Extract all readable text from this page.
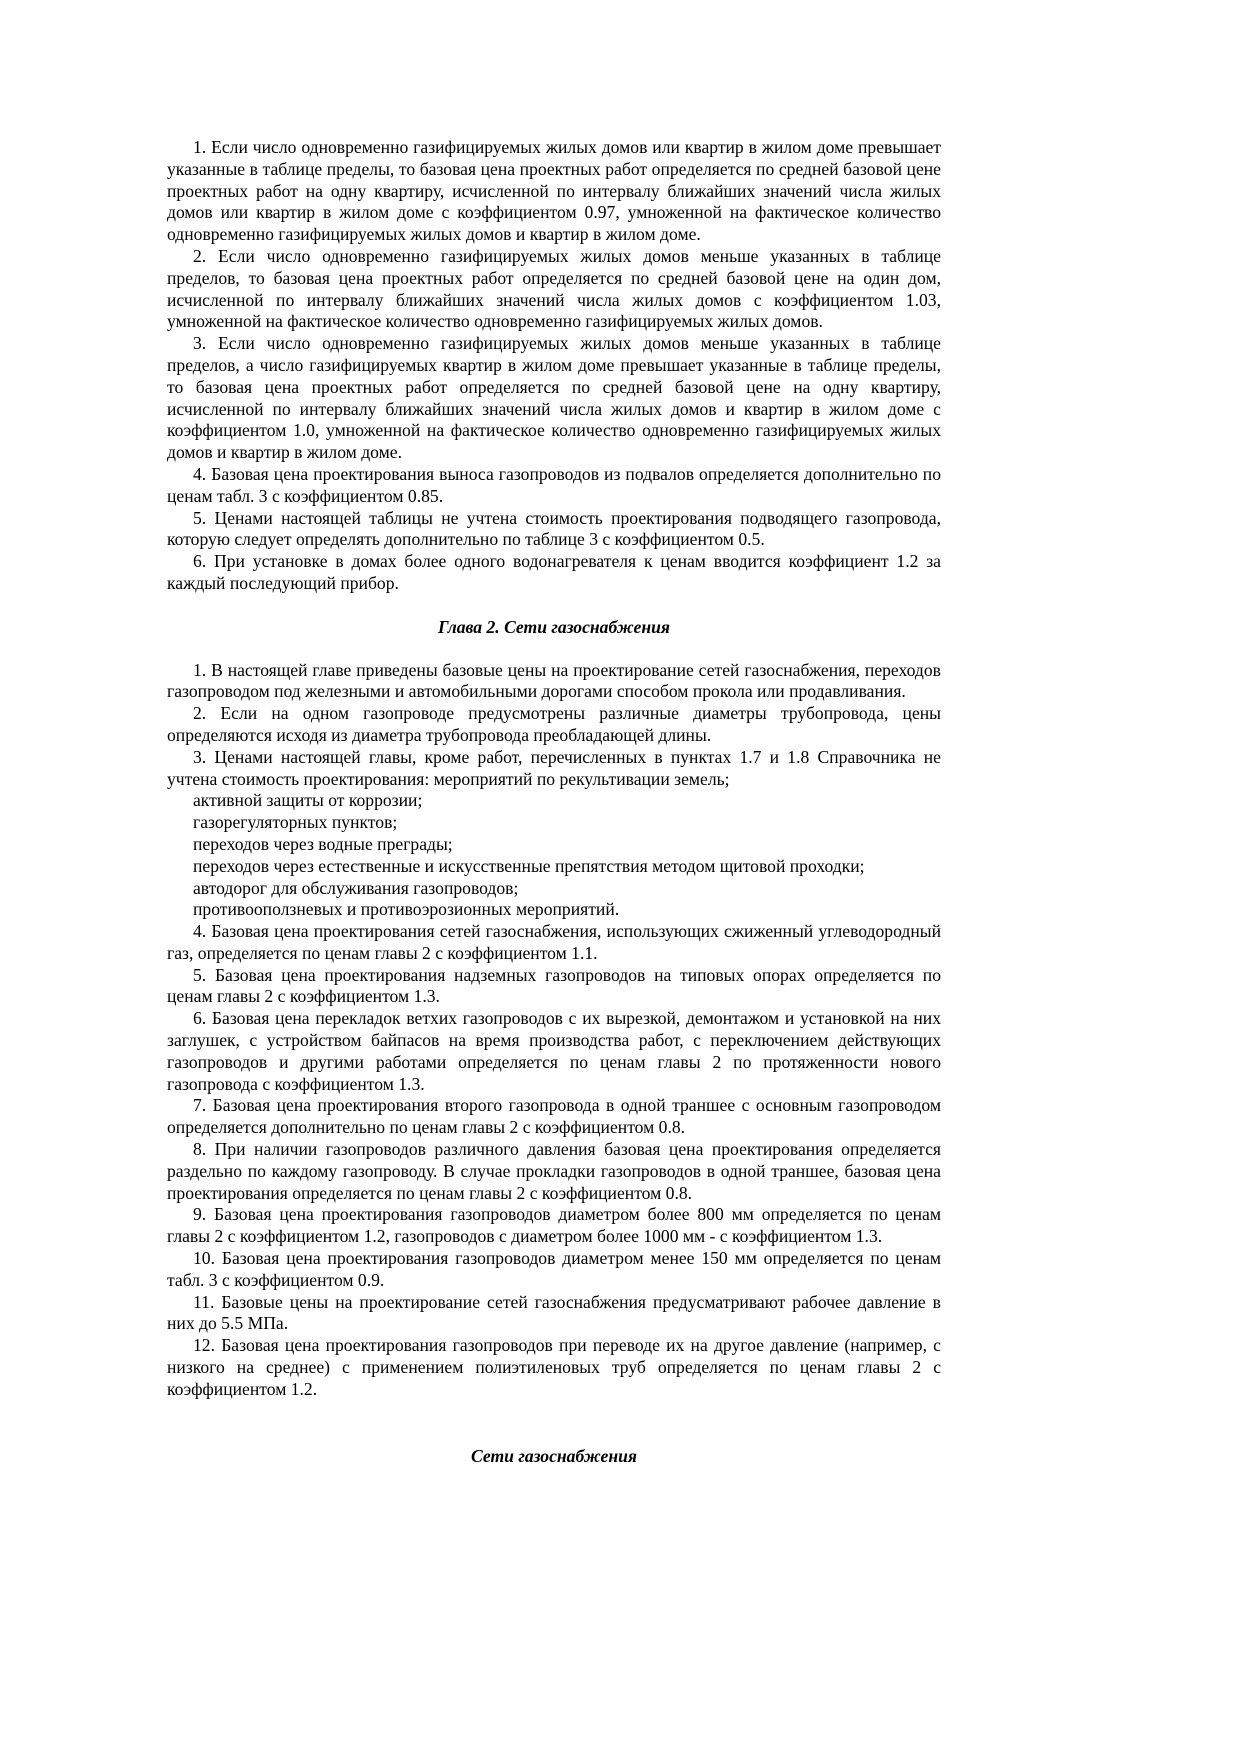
1. Если число одновременно газифицируемых жилых домов или квартир в жилом доме превышает указанные в таблице пределы, то базовая цена проектных работ определяется по средней базовой цене проектных работ на одну квартиру, исчисленной по интервалу ближайших значений числа жилых домов или квартир в жилом доме с коэффициентом 0.97, умноженной на фактическое количество одновременно газифицируемых жилых домов и квартир в жилом доме.

2. Если число одновременно газифицируемых жилых домов меньше указанных в таблице пределов, то базовая цена проектных работ определяется по средней базовой цене на один дом, исчисленной по интервалу ближайших значений числа жилых домов с коэффициентом 1.03, умноженной на фактическое количество одновременно газифицируемых жилых домов.

3. Если число одновременно газифицируемых жилых домов меньше указанных в таблице пределов, а число газифицируемых квартир в жилом доме превышает указанные в таблице пределы, то базовая цена проектных работ определяется по средней базовой цене на одну квартиру, исчисленной по интервалу ближайших значений числа жилых домов и квартир в жилом доме с коэффициентом 1.0, умноженной на фактическое количество одновременно газифицируемых жилых домов и квартир в жилом доме.

4. Базовая цена проектирования выноса газопроводов из подвалов определяется дополнительно по ценам табл. 3 с коэффициентом 0.85.

5. Ценами настоящей таблицы не учтена стоимость проектирования подводящего газопровода, которую следует определять дополнительно по таблице 3 с коэффициентом 0.5.

6. При установке в домах более одного водонагревателя к ценам вводится коэффициент 1.2 за каждый последующий прибор.

Глава 2. Сети газоснабжения

1. В настоящей главе приведены базовые цены на проектирование сетей газоснабжения, переходов газопроводом под железными и автомобильными дорогами способом прокола или продавливания.

2. Если на одном газопроводе предусмотрены различные диаметры трубопровода, цены определяются исходя из диаметра трубопровода преобладающей длины.

3. Ценами настоящей главы, кроме работ, перечисленных в пунктах 1.7 и 1.8 Справочника не учтена стоимость проектирования: мероприятий по рекультивации земель;

активной защиты от коррозии;

газорегуляторных пунктов;

переходов через водные преграды;

переходов через естественные и искусственные препятствия методом щитовой проходки;

автодорог для обслуживания газопроводов;

противооползневых и противоэрозионных мероприятий.

4. Базовая цена проектирования сетей газоснабжения, использующих сжиженный углеводородный газ, определяется по ценам главы 2 с коэффициентом 1.1.

5. Базовая цена проектирования надземных газопроводов на типовых опорах определяется по ценам главы 2 с коэффициентом 1.3.

6. Базовая цена перекладок ветхих газопроводов с их вырезкой, демонтажом и установкой на них заглушек, с устройством байпасов на время производства работ, с переключением действующих газопроводов и другими работами определяется по ценам главы 2 по протяженности нового газопровода с коэффициентом 1.3.

7. Базовая цена проектирования второго газопровода в одной траншее с основным газопроводом определяется дополнительно по ценам главы 2 с коэффициентом 0.8.

8. При наличии газопроводов различного давления базовая цена проектирования определяется раздельно по каждому газопроводу. В случае прокладки газопроводов в одной траншее, базовая цена проектирования определяется по ценам главы 2 с коэффициентом 0.8.

9. Базовая цена проектирования газопроводов диаметром более 800 мм определяется по ценам главы 2 с коэффициентом 1.2, газопроводов с диаметром более 1000 мм - с коэффициентом 1.3.

10. Базовая цена проектирования газопроводов диаметром менее 150 мм определяется по ценам табл. 3 с коэффициентом 0.9.

11. Базовые цены на проектирование сетей газоснабжения предусматривают рабочее давление в них до 5.5 МПа.

12. Базовая цена проектирования газопроводов при переводе их на другое давление (например, с низкого на среднее) с применением полиэтиленовых труб определяется по ценам главы 2 с коэффициентом 1.2.

Сети газоснабжения
